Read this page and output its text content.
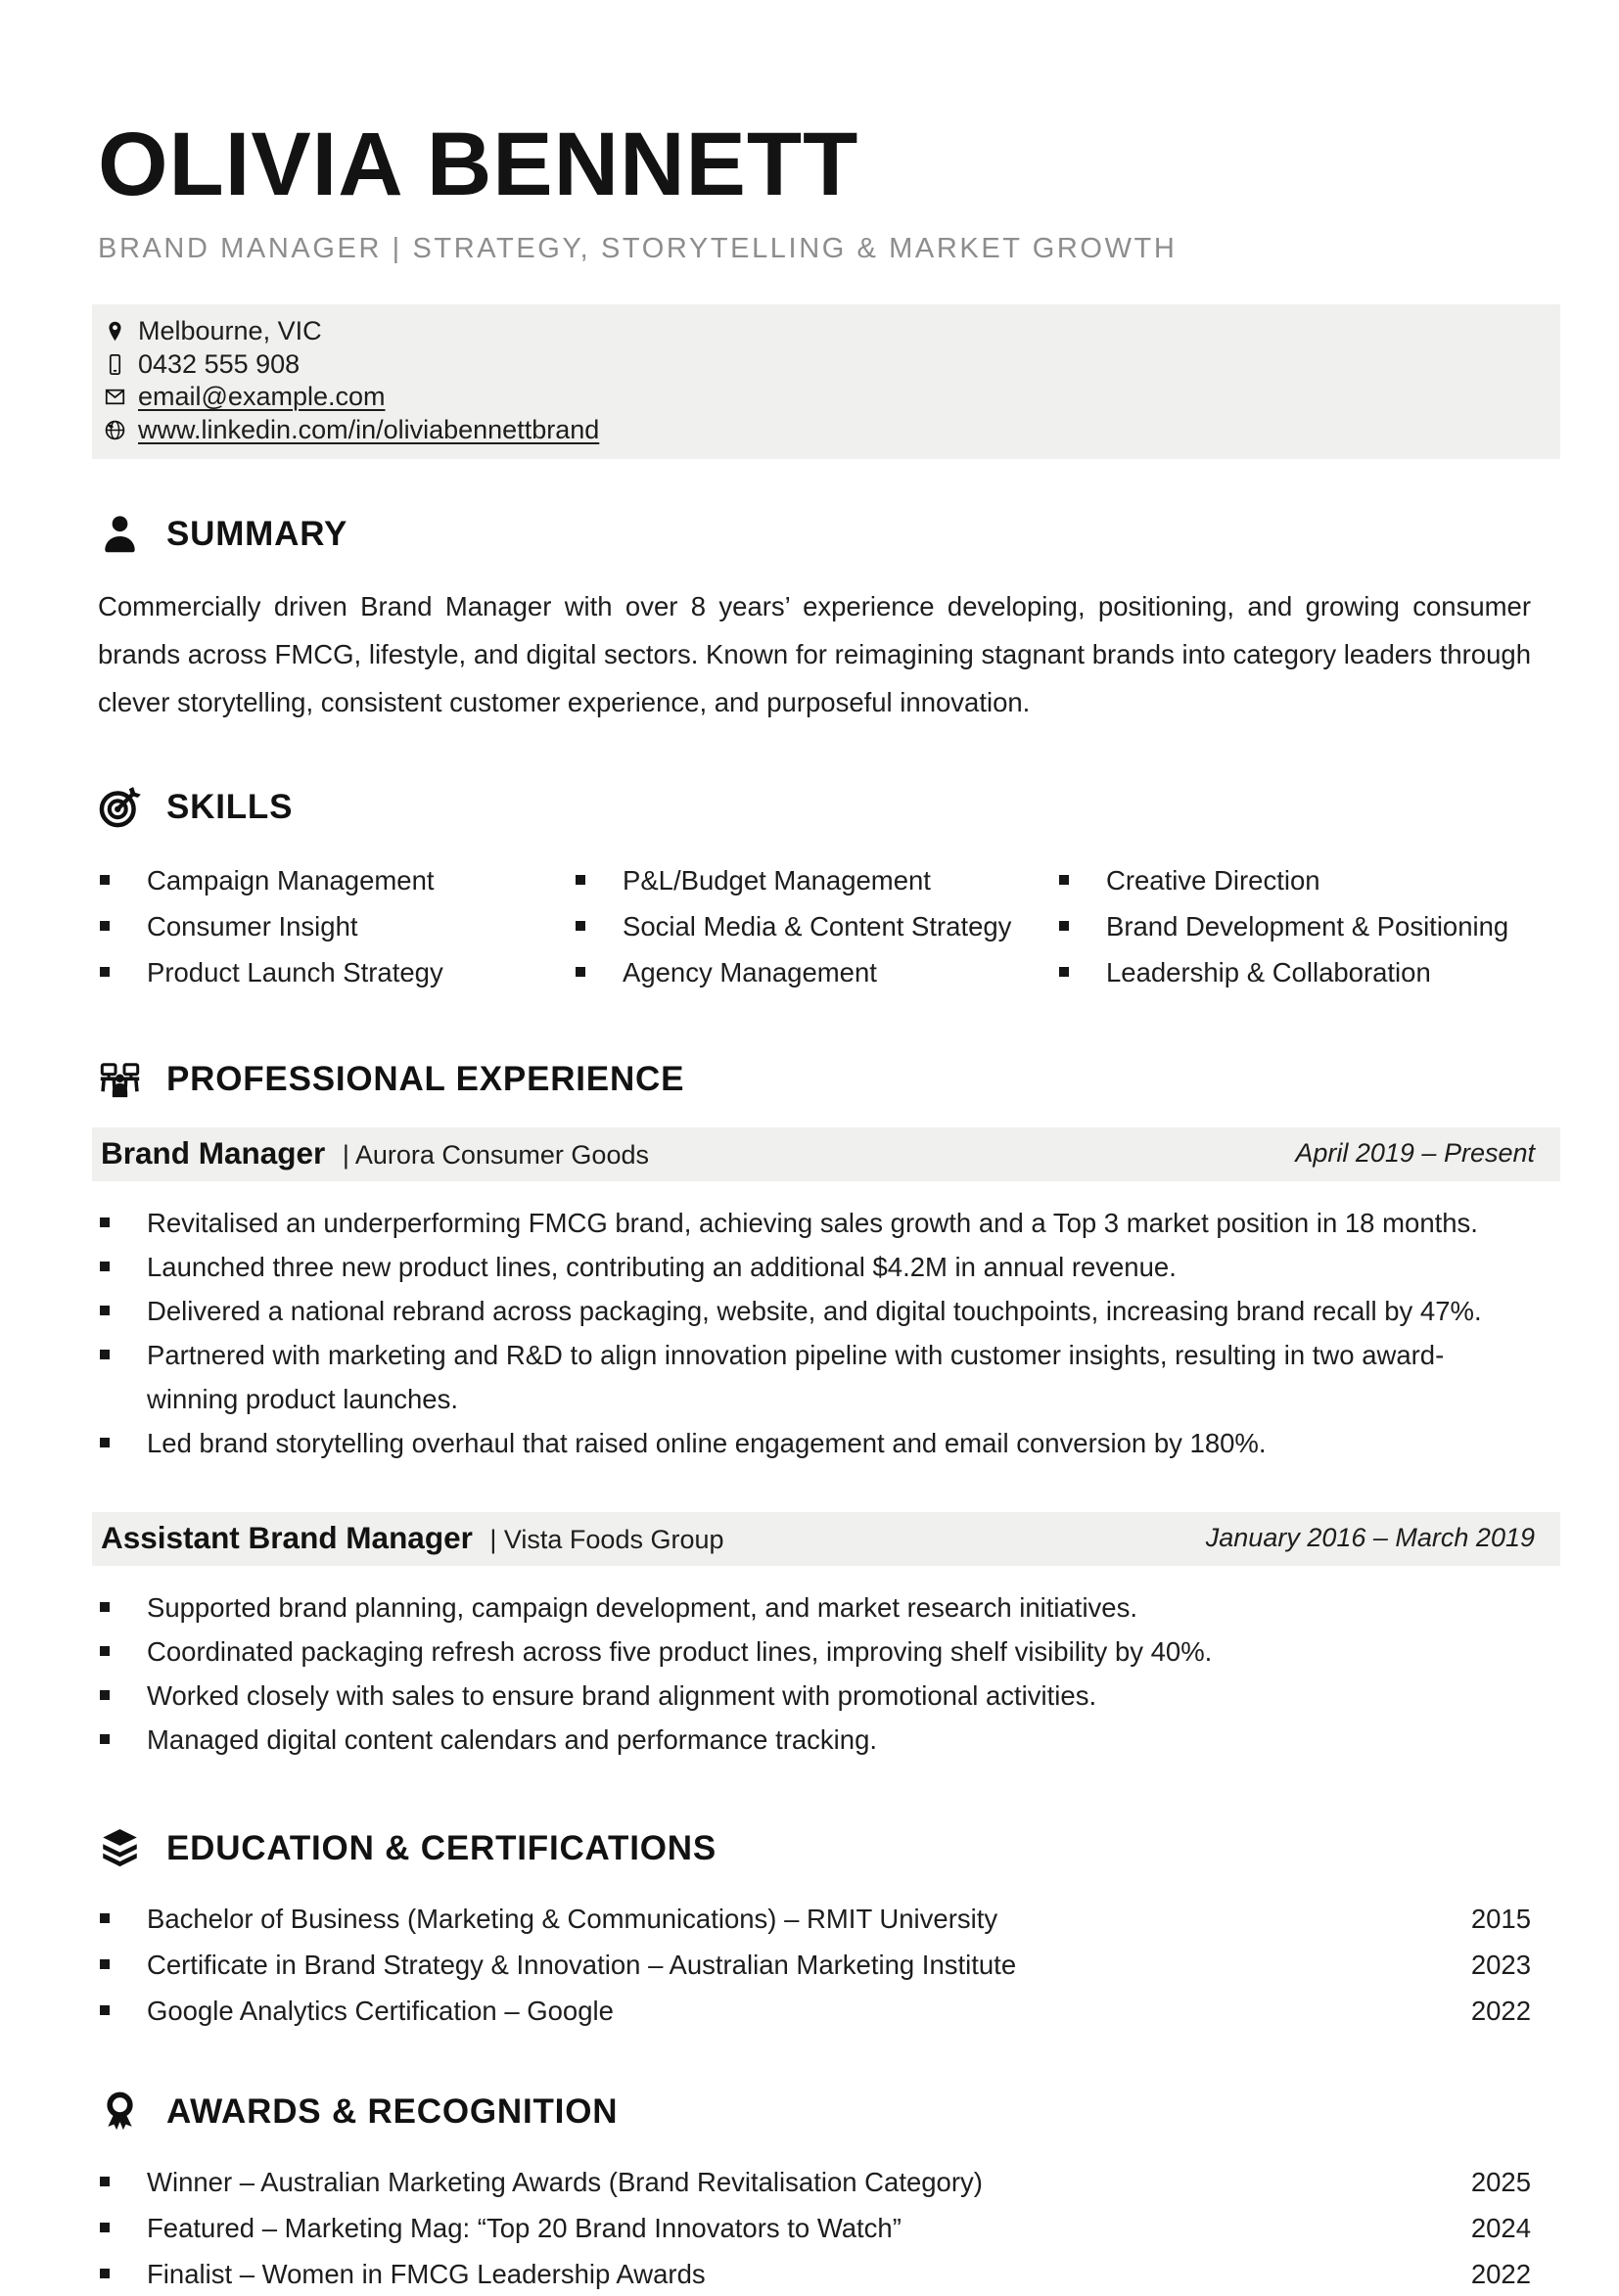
OLIVIA BENNETT
BRAND MANAGER | STRATEGY, STORYTELLING & MARKET GROWTH
Melbourne, VIC
0432 555 908
email@example.com
www.linkedin.com/in/oliviabennettbrand
SUMMARY

Commercially driven Brand Manager with over 8 years’ experience developing, positioning, and growing consumer brands across FMCG, lifestyle, and digital sectors. Known for reimagining stagnant brands into category leaders through clever storytelling, consistent customer experience, and purposeful innovation.

SKILLS
Campaign Management
Consumer Insight
Product Launch Strategy
P&L/Budget Management
Social Media & Content Strategy
Agency Management
Creative Direction
Brand Development & Positioning
Leadership & Collaboration
PROFESSIONAL EXPERIENCE
Brand Manager | Aurora Consumer Goods	April 2019 – Present
Revitalised an underperforming FMCG brand, achieving sales growth and a Top 3 market position in 18 months.
Launched three new product lines, contributing an additional $4.2M in annual revenue.
Delivered a national rebrand across packaging, website, and digital touchpoints, increasing brand recall by 47%.
Partnered with marketing and R&D to align innovation pipeline with customer insights, resulting in two award-winning product launches.
Led brand storytelling overhaul that raised online engagement and email conversion by 180%.
Assistant Brand Manager | Vista Foods Group	January 2016 – March 2019
Supported brand planning, campaign development, and market research initiatives.
Coordinated packaging refresh across five product lines, improving shelf visibility by 40%.
Worked closely with sales to ensure brand alignment with promotional activities.
Managed digital content calendars and performance tracking.
EDUCATION & CERTIFICATIONS
Bachelor of Business (Marketing & Communications) – RMIT University	2015
Certificate in Brand Strategy & Innovation – Australian Marketing Institute	2023
Google Analytics Certification – Google	2022
AWARDS & RECOGNITION
Winner – Australian Marketing Awards (Brand Revitalisation Category)	2025
Featured – Marketing Mag: “Top 20 Brand Innovators to Watch”	2024
Finalist – Women in FMCG Leadership Awards	2022
